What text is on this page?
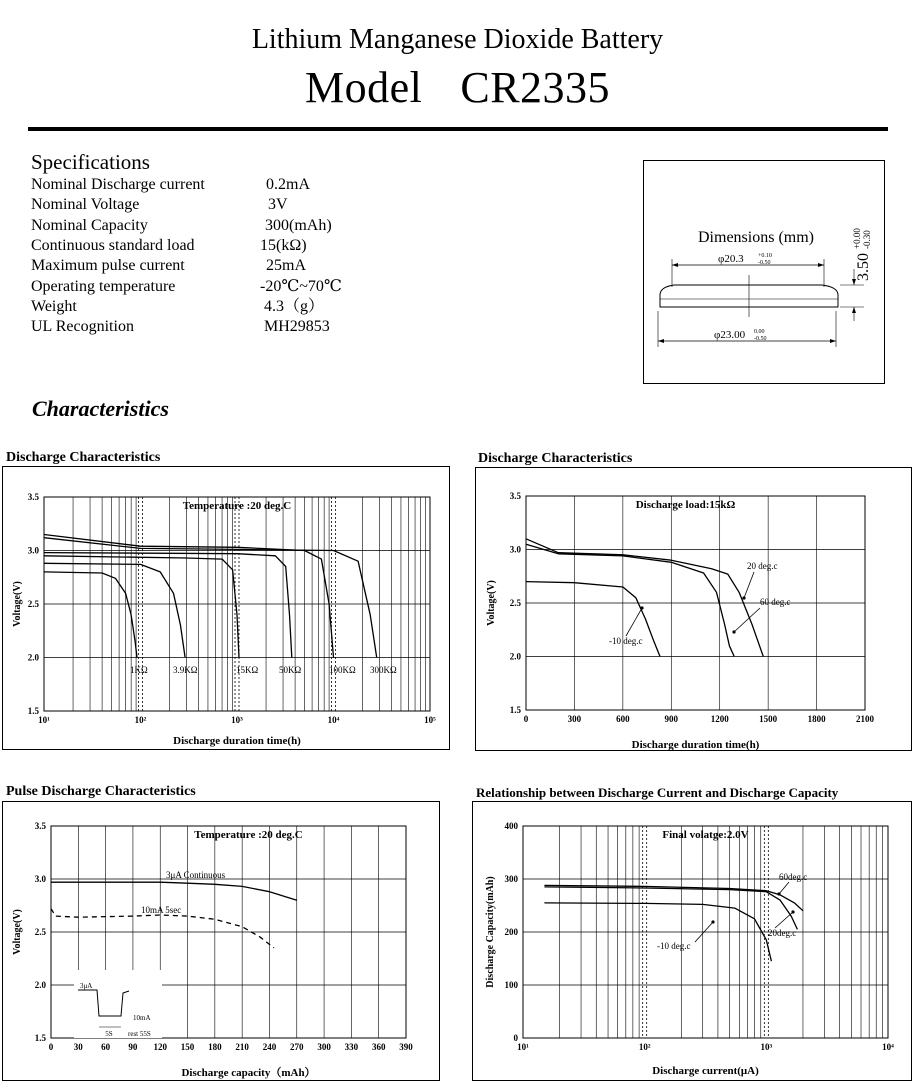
Lithium Manganese Dioxide Battery
Model CR2335
Specifications
Nominal Discharge current	0.2mA
Nominal Voltage	3V
Nominal Capacity	300(mAh)
Continuous standard load	15(kΩ)
Maximum pulse current	25mA
Operating temperature	-20℃~70℃
Weight	4.3（g）
UL Recognition	MH29853
Dimensions (mm)
φ20.3 +0.10
-0.50	3.50
+0.00 -0.30
φ23.00 0.00
-0.50
Characteristics
Discharge Characteristics	Discharge Characteristics
Pulse Discharge Characteristics	Relationship between Discharge Current and Discharge Capacity
1.5
2.0
2.5
3.0
3.5
10¹	10²	10³	10⁴	10⁵
Temperature :20 deg.C
Discharge duration time(h)
Voltage(V)
1KΩ	3.9KΩ	15KΩ 50KΩ	100KΩ 300KΩ
1.5
2.0
2.5
3.0
3.5
0	300	600	900	1200	1500	1800	2100
Discharge load:15kΩ
Discharge duration time(h)
Voltage(V)
20 deg.c
60 deg.c
-10 deg.c
1.5
2.0
2.5
3.0
3.5
0 30 60 90 120 150 180 210 240 270 300 330 360 390
Temperature :20 deg.C
Discharge capacity（mAh）
Voltage(V)
3μA Continuous
10mA 5sec
3μA
10mA
5S rest 55S	0
100
200
300
400
10¹	10²	10³	10⁴
Final volatge:2.0V
Discharge current(μA)
Discharge Capacity(mAh)	60deg.c
20deg.c
-10 deg.c
